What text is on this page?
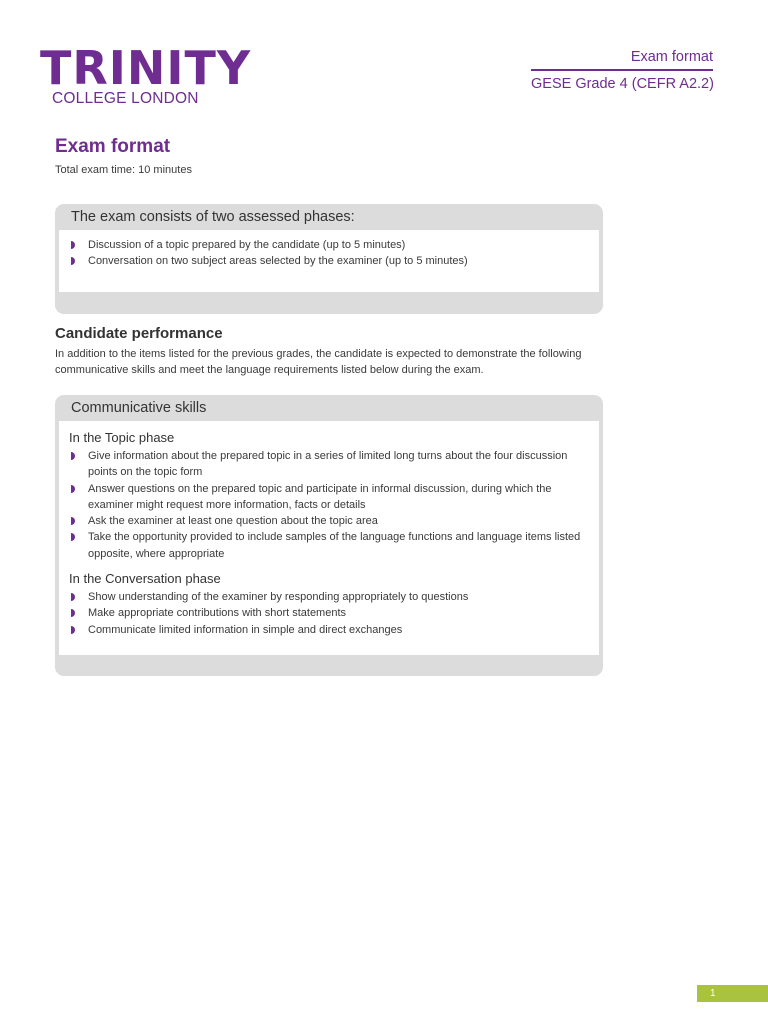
TRINITY
COLLEGE LONDON
Exam format
GESE Grade 4 (CEFR A2.2)
Exam format
Total exam time: 10 minutes
The exam consists of two assessed phases:
Discussion of a topic prepared by the candidate (up to 5 minutes)
Conversation on two subject areas selected by the examiner (up to 5 minutes)
Candidate performance
In addition to the items listed for the previous grades, the candidate is expected to demonstrate the following communicative skills and meet the language requirements listed below during the exam.
Communicative skills
In the Topic phase
Give information about the prepared topic in a series of limited long turns about the four discussion points on the topic form
Answer questions on the prepared topic and participate in informal discussion, during which the examiner might request more information, facts or details
Ask the examiner at least one question about the topic area
Take the opportunity provided to include samples of the language functions and language items listed opposite, where appropriate
In the Conversation phase
Show understanding of the examiner by responding appropriately to questions
Make appropriate contributions with short statements
Communicate limited information in simple and direct exchanges
1
